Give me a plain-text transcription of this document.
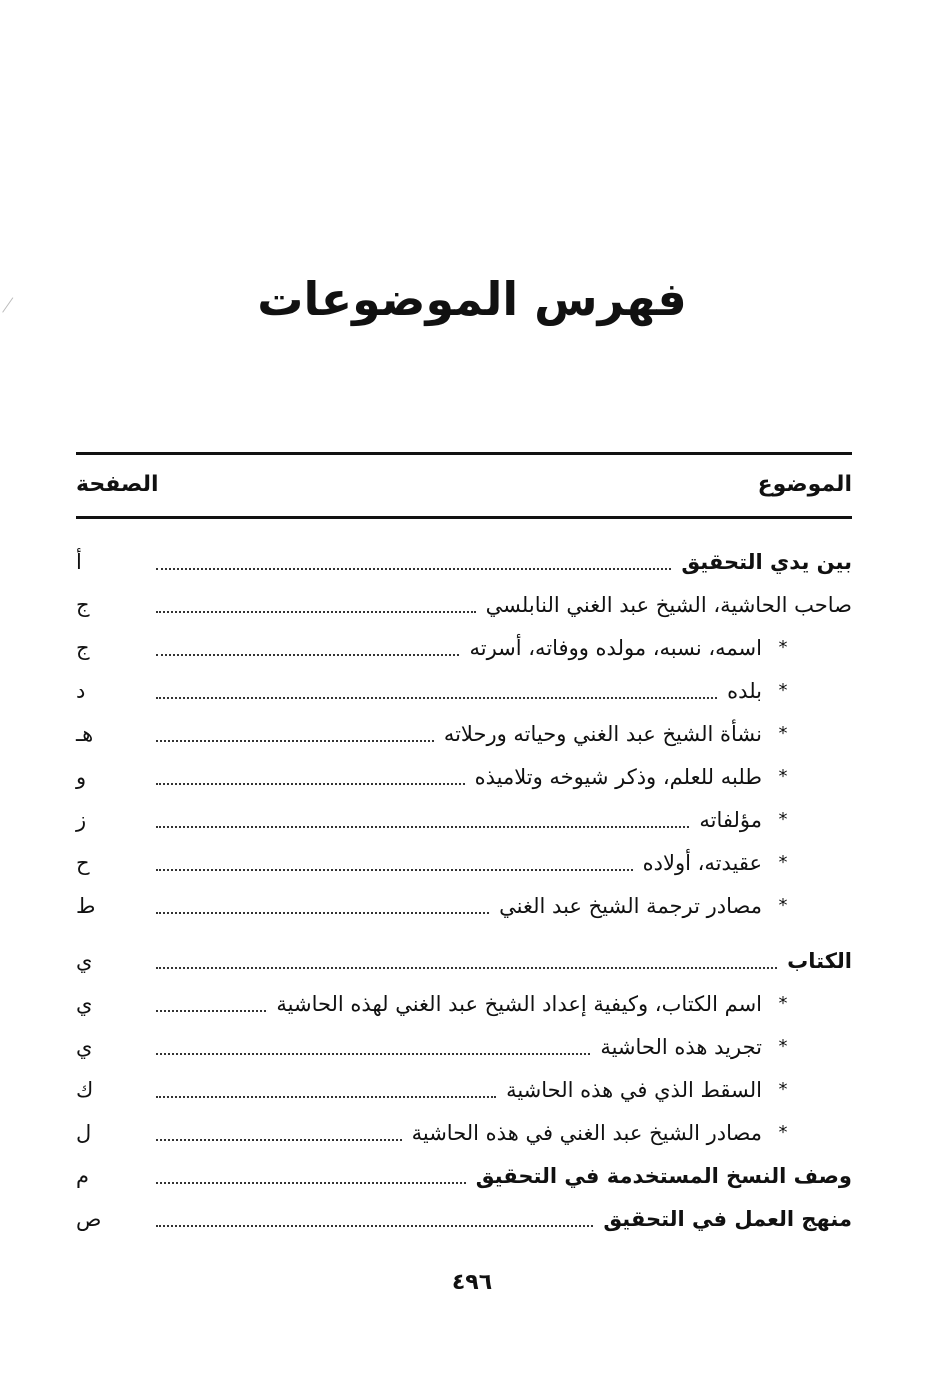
فهرس الموضوعات
الموضوع
الصفحة
بين يدي التحقيق
أ
صاحب الحاشية، الشيخ عبد الغني النابلسي
ج
*
اسمه، نسبه، مولده ووفاته، أسرته
ج
*
بلده
د
*
نشأة الشيخ عبد الغني وحياته ورحلاته
هـ
*
طلبه للعلم، وذكر شيوخه وتلاميذه
و
*
مؤلفاته
ز
*
عقيدته، أولاده
ح
*
مصادر ترجمة الشيخ عبد الغني
ط
الكتاب
ي
*
اسم الكتاب، وكيفية إعداد الشيخ عبد الغني لهذه الحاشية
ي
*
تجريد هذه الحاشية
ي
*
السقط الذي في هذه الحاشية
ك
*
مصادر الشيخ عبد الغني في هذه الحاشية
ل
وصف النسخ المستخدمة في التحقيق
م
منهج العمل في التحقيق
ص
٤٩٦
